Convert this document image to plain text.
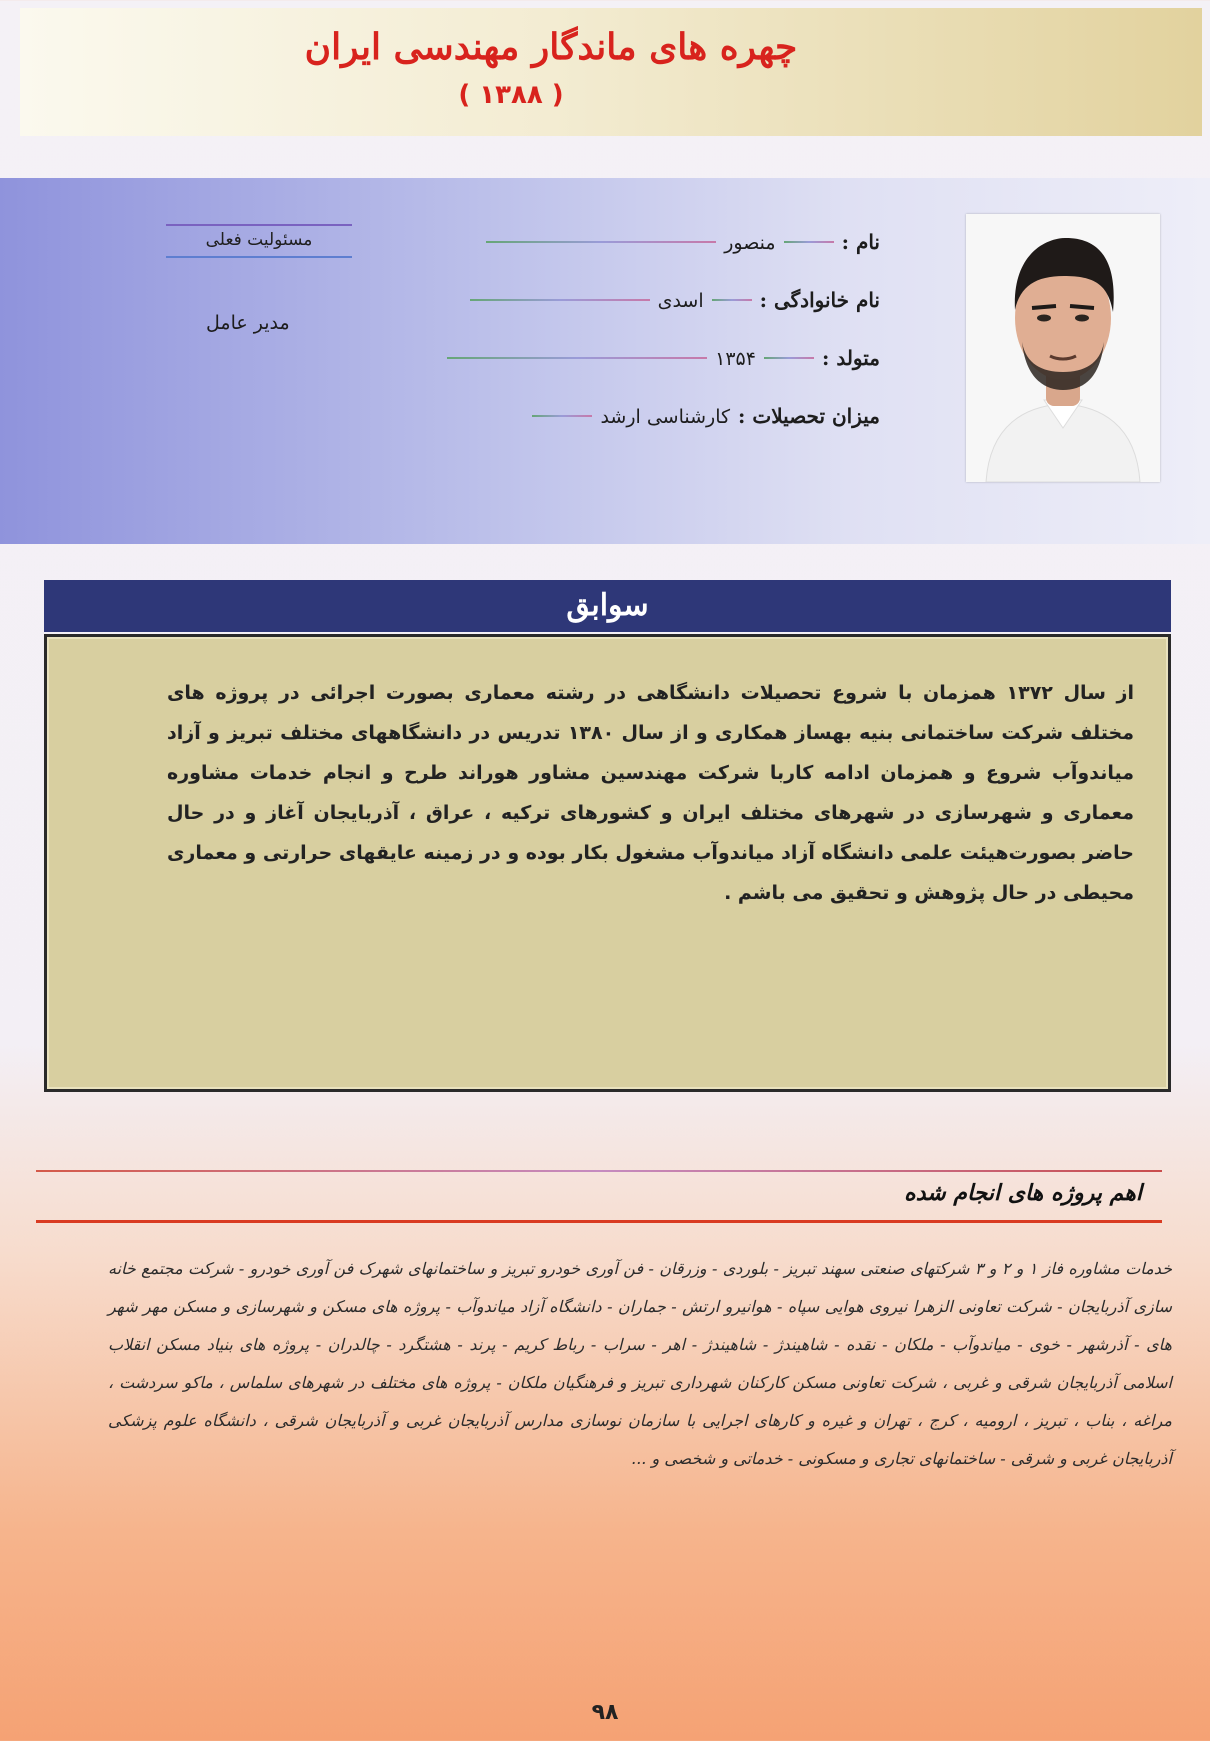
چهره های ماندگار مهندسی ایران
( ۱۳۸۸ )
نام :
منصور
نام خانوادگی :
اسدی
متولد :
۱۳۵۴
میزان تحصیلات :
کارشناسی ارشد
مسئولیت فعلی
مدیر عامل
سوابق

از سال ۱۳۷۲ همزمان با شروع تحصیلات دانشگاهی در رشته معماری بصورت اجرائی در پروژه های مختلف شرکت ساختمانی بنیه بهساز همکاری و از سال ۱۳۸۰ تدریس در دانشگاههای مختلف تبریز و آزاد میاندوآب شروع و همزمان ادامه کاربا شرکت مهندسین مشاور هوراند طرح و انجام خدمات مشاوره معماری و شهرسازی در شهرهای مختلف ایران و کشورهای ترکیه ، عراق ، آذربایجان آغاز و در حال حاضر بصورت‌هیئت علمی دانشگاه آزاد میاندوآب مشغول بکار بوده و در زمینه عایقهای حرارتی و معماری محیطی در حال پژوهش و تحقیق می باشم .

اهم پروژه های انجام شده

خدمات مشاوره فاز ۱ و ۲ و ۳ شرکتهای صنعتی سهند تبریز - بلوردی - وزرقان - فن آوری خودرو تبریز و ساختمانهای شهرک فن آوری خودرو - شرکت مجتمع خانه سازی آذربایجان - شرکت تعاونی الزهرا نیروی هوایی سپاه - هوانیرو ارتش - جماران - دانشگاه آزاد میاندوآب - پروژه های مسکن و شهرسازی و مسکن مهر شهر های - آذرشهر - خوی - میاندوآب - ملکان - نقده - شاهیندژ - شاهیندژ - اهر - سراب - رباط کریم - پرند - هشتگرد - چالدران - پروژه های بنیاد مسکن انقلاب اسلامی آذربایجان شرقی و غربی ، شرکت تعاونی مسکن کارکنان شهرداری تبریز و فرهنگیان ملکان - پروژه های مختلف در شهرهای سلماس ، ماکو سردشت ، مراغه ، بناب ، تبریز ، ارومیه ، کرج ، تهران و غیره و کارهای اجرایی با سازمان نوسازی مدارس آذربایجان غربی و آذربایجان شرقی ، دانشگاه علوم پزشکی آذربایجان غربی و شرقی - ساختمانهای تجاری و مسکونی - خدماتی و شخصی و ...

۹۸
